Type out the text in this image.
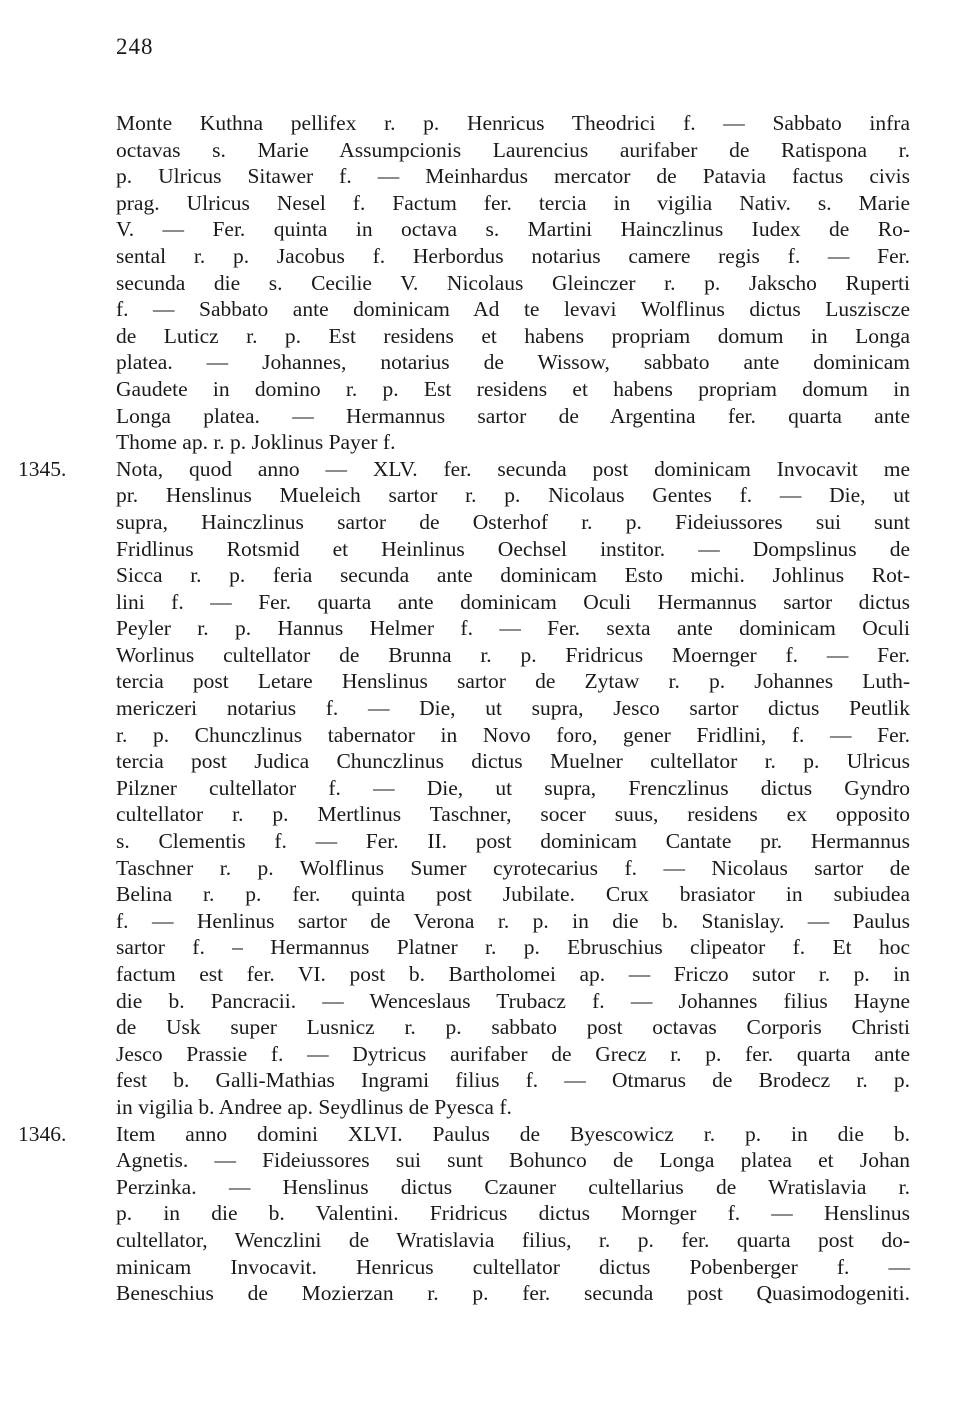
248
Monte Kuthna pellifex r. p. Henricus Theodrici f. — Sabbato infra
octavas s. Marie Assumpcionis Laurencius aurifaber de Ratispona r.
p. Ulricus Sitawer f. — Meinhardus mercator de Patavia factus civis
prag. Ulricus Nesel f. Factum fer. tercia in vigilia Nativ. s. Marie
V. — Fer. quinta in octava s. Martini Hainczlinus Iudex de Ro-
sental r. p. Jacobus f. Herbordus notarius camere regis f. — Fer.
secunda die s. Cecilie V. Nicolaus Gleinczer r. p. Jakscho Ruperti
f. — Sabbato ante dominicam Ad te levavi Wolflinus dictus Lusziscze
de Luticz r. p. Est residens et habens propriam domum in Longa
platea. — Johannes, notarius de Wissow, sabbato ante dominicam
Gaudete in domino r. p. Est residens et habens propriam domum in
Longa platea. — Hermannus sartor de Argentina fer. quarta ante
Thome ap. r. p. Joklinus Payer f.
1345. Nota, quod anno — XLV. fer. secunda post dominicam Invocavit me
pr. Henslinus Mueleich sartor r. p. Nicolaus Gentes f. — Die, ut
supra, Hainczlinus sartor de Osterhof r. p. Fideiussores sui sunt
Fridlinus Rotsmid et Heinlinus Oechsel institor. — Dompslinus de
Sicca r. p. feria secunda ante dominicam Esto michi. Johlinus Rot-
lini f. — Fer. quarta ante dominicam Oculi Hermannus sartor dictus
Peyler r. p. Hannus Helmer f. — Fer. sexta ante dominicam Oculi
Worlinus cultellator de Brunna r. p. Fridricus Moernger f. — Fer.
tercia post Letare Henslinus sartor de Zytaw r. p. Johannes Luth-
mericzeri notarius f. — Die, ut supra, Jesco sartor dictus Peutlik
r. p. Chunczlinus tabernator in Novo foro, gener Fridlini, f. — Fer.
tercia post Judica Chunczlinus dictus Muelner cultellator r. p. Ulricus
Pilzner cultellator f. — Die, ut supra, Frenczlinus dictus Gyndro
cultellator r. p. Mertlinus Taschner, socer suus, residens ex opposito
s. Clementis f. — Fer. II. post dominicam Cantate pr. Hermannus
Taschner r. p. Wolflinus Sumer cyrotecarius f. — Nicolaus sartor de
Belina r. p. fer. quinta post Jubilate. Crux brasiator in subiudea
f. — Henlinus sartor de Verona r. p. in die b. Stanislay. — Paulus
sartor f. – Hermannus Platner r. p. Ebruschius clipeator f. Et hoc
factum est fer. VI. post b. Bartholomei ap. — Friczo sutor r. p. in
die b. Pancracii. — Wenceslaus Trubacz f. — Johannes filius Hayne
de Usk super Lusnicz r. p. sabbato post octavas Corporis Christi
Jesco Prassie f. — Dytricus aurifaber de Grecz r. p. fer. quarta ante
fest b. Galli-Mathias Ingrami filius f. — Otmarus de Brodecz r. p.
in vigilia b. Andree ap. Seydlinus de Pyesca f.
1346. Item anno domini XLVI. Paulus de Byescowicz r. p. in die b.
Agnetis. — Fideiussores sui sunt Bohunco de Longa platea et Johan
Perzinka. — Henslinus dictus Czauner cultellarius de Wratislavia r.
p. in die b. Valentini. Fridricus dictus Mornger f. — Henslinus
cultellator, Wenczlini de Wratislavia filius, r. p. fer. quarta post do-
minicam Invocavit. Henricus cultellator dictus Pobenberger f. —
Beneschius de Mozierzan r. p. fer. secunda post Quasimodogeniti.
